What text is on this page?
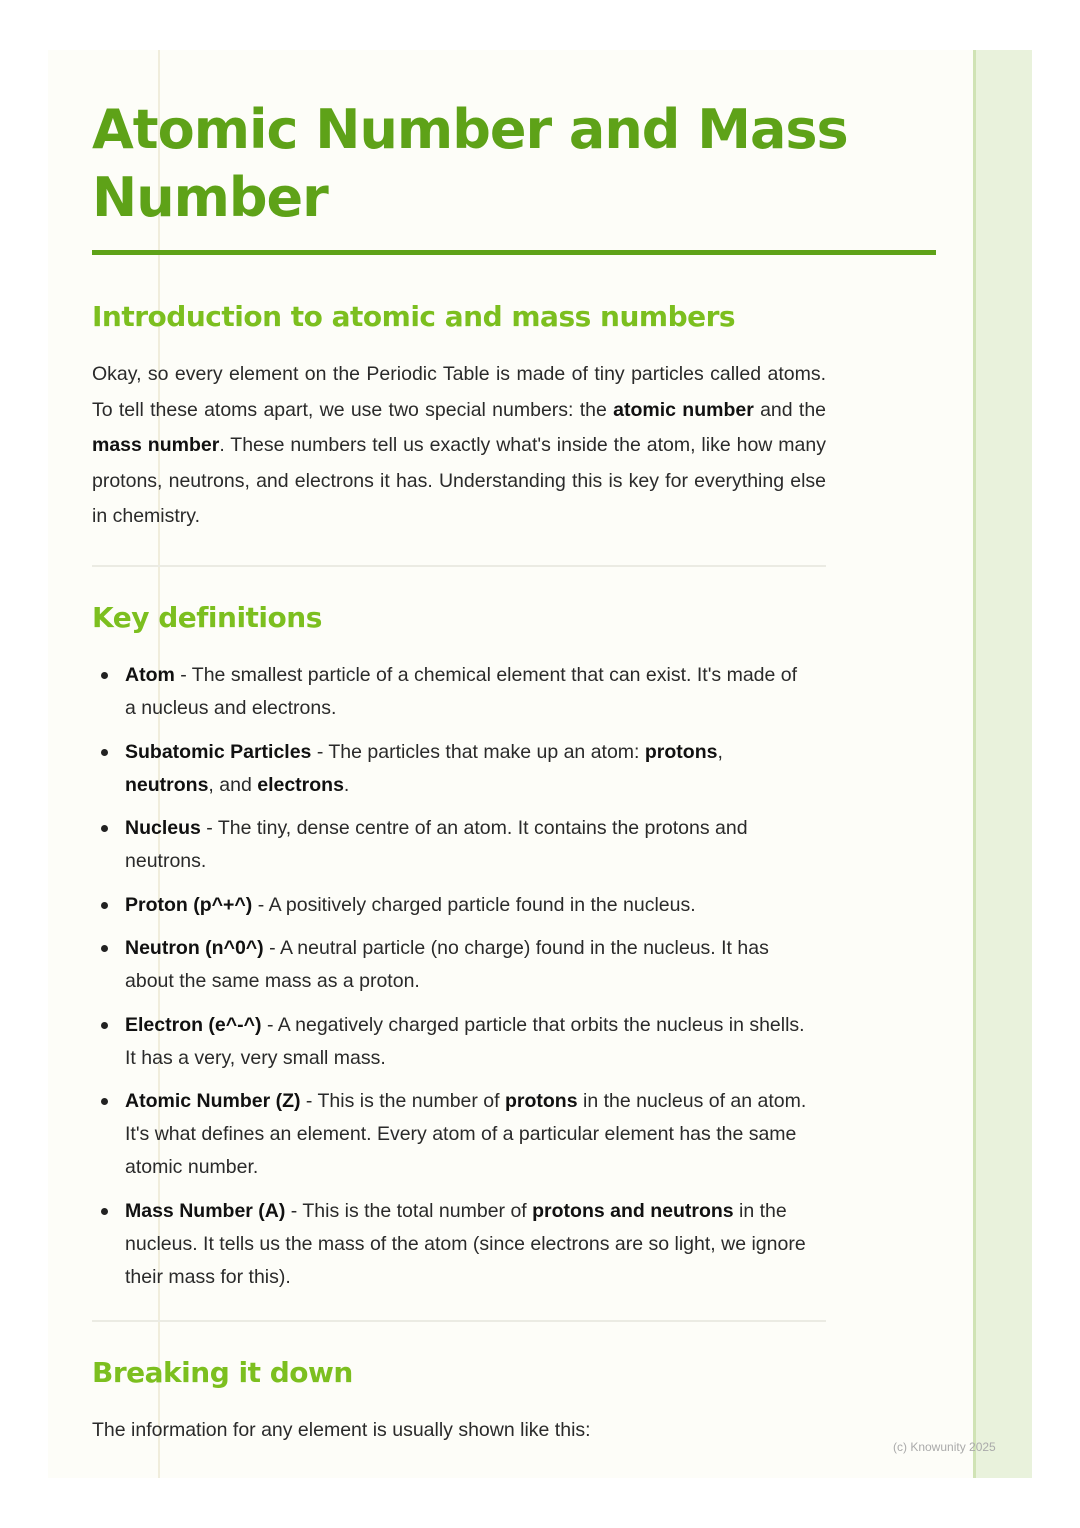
Atomic Number and Mass Number
Introduction to atomic and mass numbers

Okay, so every element on the Periodic Table is made of tiny particles called atoms. To tell these atoms apart, we use two special numbers: the atomic number and the mass number. These numbers tell us exactly what's inside the atom, like how many protons, neutrons, and electrons it has. Understanding this is key for everything else in chemistry.

Key definitions
Atom - The smallest particle of a chemical element that can exist. It's made of a nucleus and electrons.
Subatomic Particles - The particles that make up an atom: protons, neutrons, and electrons.
Nucleus - The tiny, dense centre of an atom. It contains the protons and neutrons.
Proton (p^+^) - A positively charged particle found in the nucleus.
Neutron (n^0^) - A neutral particle (no charge) found in the nucleus. It has about the same mass as a proton.
Electron (e^-^) - A negatively charged particle that orbits the nucleus in shells. It has a very, very small mass.
Atomic Number (Z) - This is the number of protons in the nucleus of an atom. It's what defines an element. Every atom of a particular element has the same atomic number.
Mass Number (A) - This is the total number of protons and neutrons in the nucleus. It tells us the mass of the atom (since electrons are so light, we ignore their mass for this).
Breaking it down

The information for any element is usually shown like this:

(c) Knowunity 2025
